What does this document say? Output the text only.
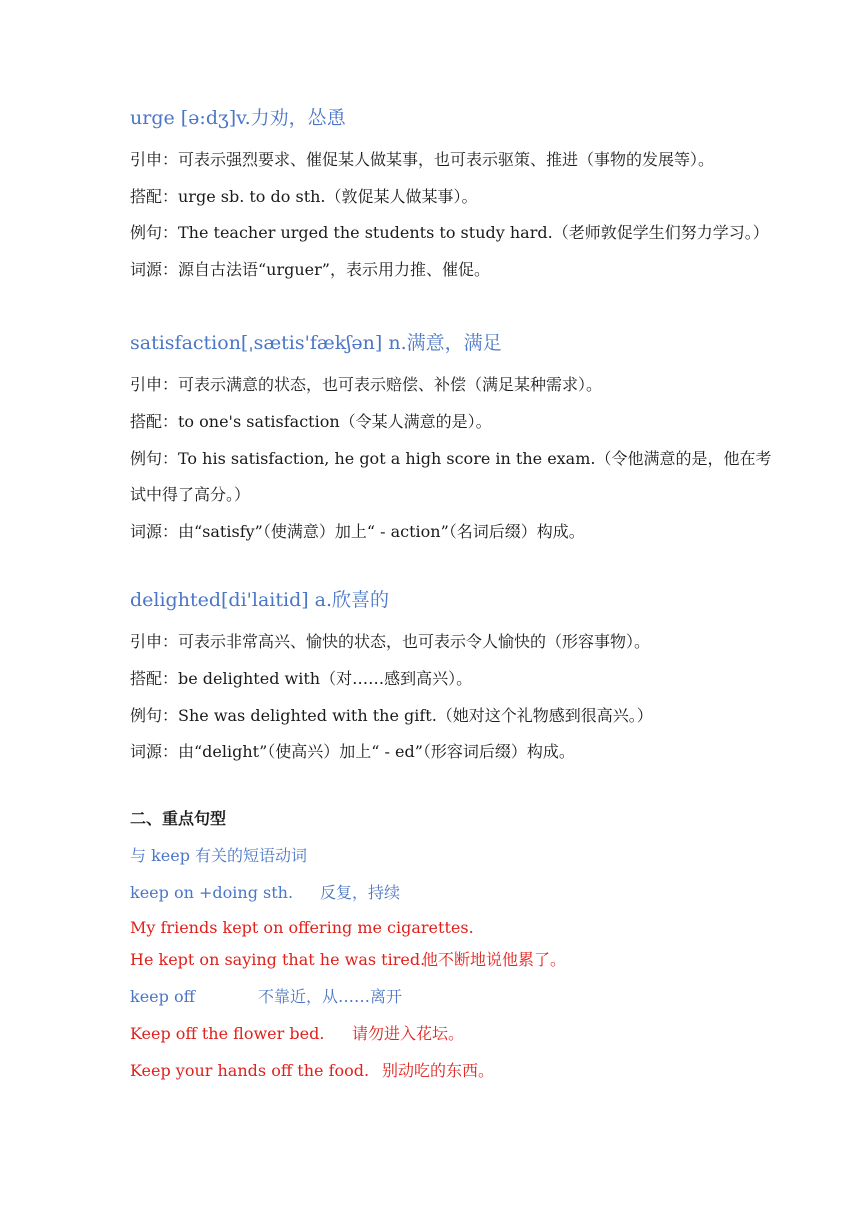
urge [ə:dʒ]v.力劝，怂恿
引申：可表示强烈要求、催促某人做某事，也可表示驱策、推进（事物的发展等）。
搭配：urge sb. to do sth.（敦促某人做某事）。
例句：The teacher urged the students to study hard.（老师敦促学生们努力学习。）
词源：源自古法语“urguer”，表示用力推、催促。
satisfaction[ˌsætis'fækʃən] n.满意，满足
引申：可表示满意的状态，也可表示赔偿、补偿（满足某种需求）。
搭配：to one's satisfaction（令某人满意的是）。
例句：To his satisfaction, he got a high score in the exam.（令他满意的是，他在考
试中得了高分。）
词源：由“satisfy”（使满意）加上“ - action”（名词后缀）构成。
delighted[di'laitid] a.欣喜的
引申：可表示非常高兴、愉快的状态，也可表示令人愉快的（形容事物）。
搭配：be delighted with（对……感到高兴）。
例句：She was delighted with the gift.（她对这个礼物感到很高兴。）
词源：由“delight”（使高兴）加上“ - ed”（形容词后缀）构成。
二、重点句型
与 keep 有关的短语动词
keep on +doing sth. 反复，持续
My friends kept on offering me cigarettes.
He kept on saying that he was tired.他不断地说他累了。
keep off	不靠近，从……离开
Keep off the flower bed. 请勿进入花坛。
Keep your hands off the food. 别动吃的东西。
